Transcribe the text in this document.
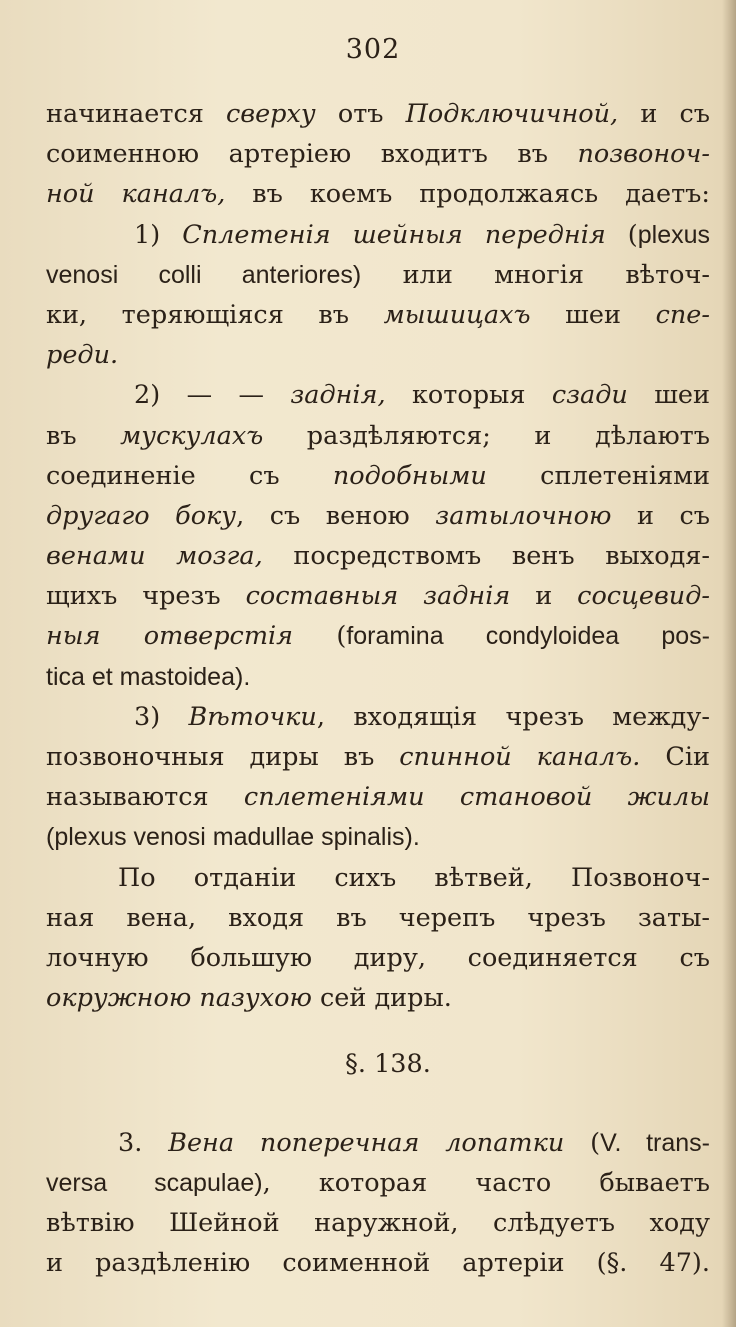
302
начинается сверху отъ Подключичной, и съ
соименною артеріею входитъ въ позвоноч-
ной каналъ, въ коемъ продолжаясь даетъ:
1) Сплетенія шейныя переднія (plexus
venosi colli anteriores) или многія вѣточ-
ки, теряющіяся въ мышицахъ шеи спе-
реди.
2) — — заднія, которыя сзади шеи
въ мускулахъ раздѣляются; и дѣлаютъ
соединеніе съ подобными сплетеніями
другаго боку, съ веною затылочною и съ
венами мозга, посредствомъ венъ выходя-
щихъ чрезъ составныя заднія и сосцевид-
ныя отверстія (foramina condyloidea pos-
tica et mastoidea).
3) Вѣточки, входящія чрезъ между-
позвоночныя диры въ спинной каналъ. Сіи
называются сплетеніями становой жилы
(plexus venosi madullae spinalis).
По отданіи сихъ вѣтвей, Позвоноч-
ная вена, входя въ черепъ чрезъ заты-
лочную большую диру, соединяется съ
окружною пазухою сей диры.
§. 138.
3. Вена поперечная лопатки (V. trans-
versa scapulae), которая часто бываетъ
вѣтвію Шейной наружной, слѣдуетъ ходу
и раздѣленію соименной артеріи (§. 47).
